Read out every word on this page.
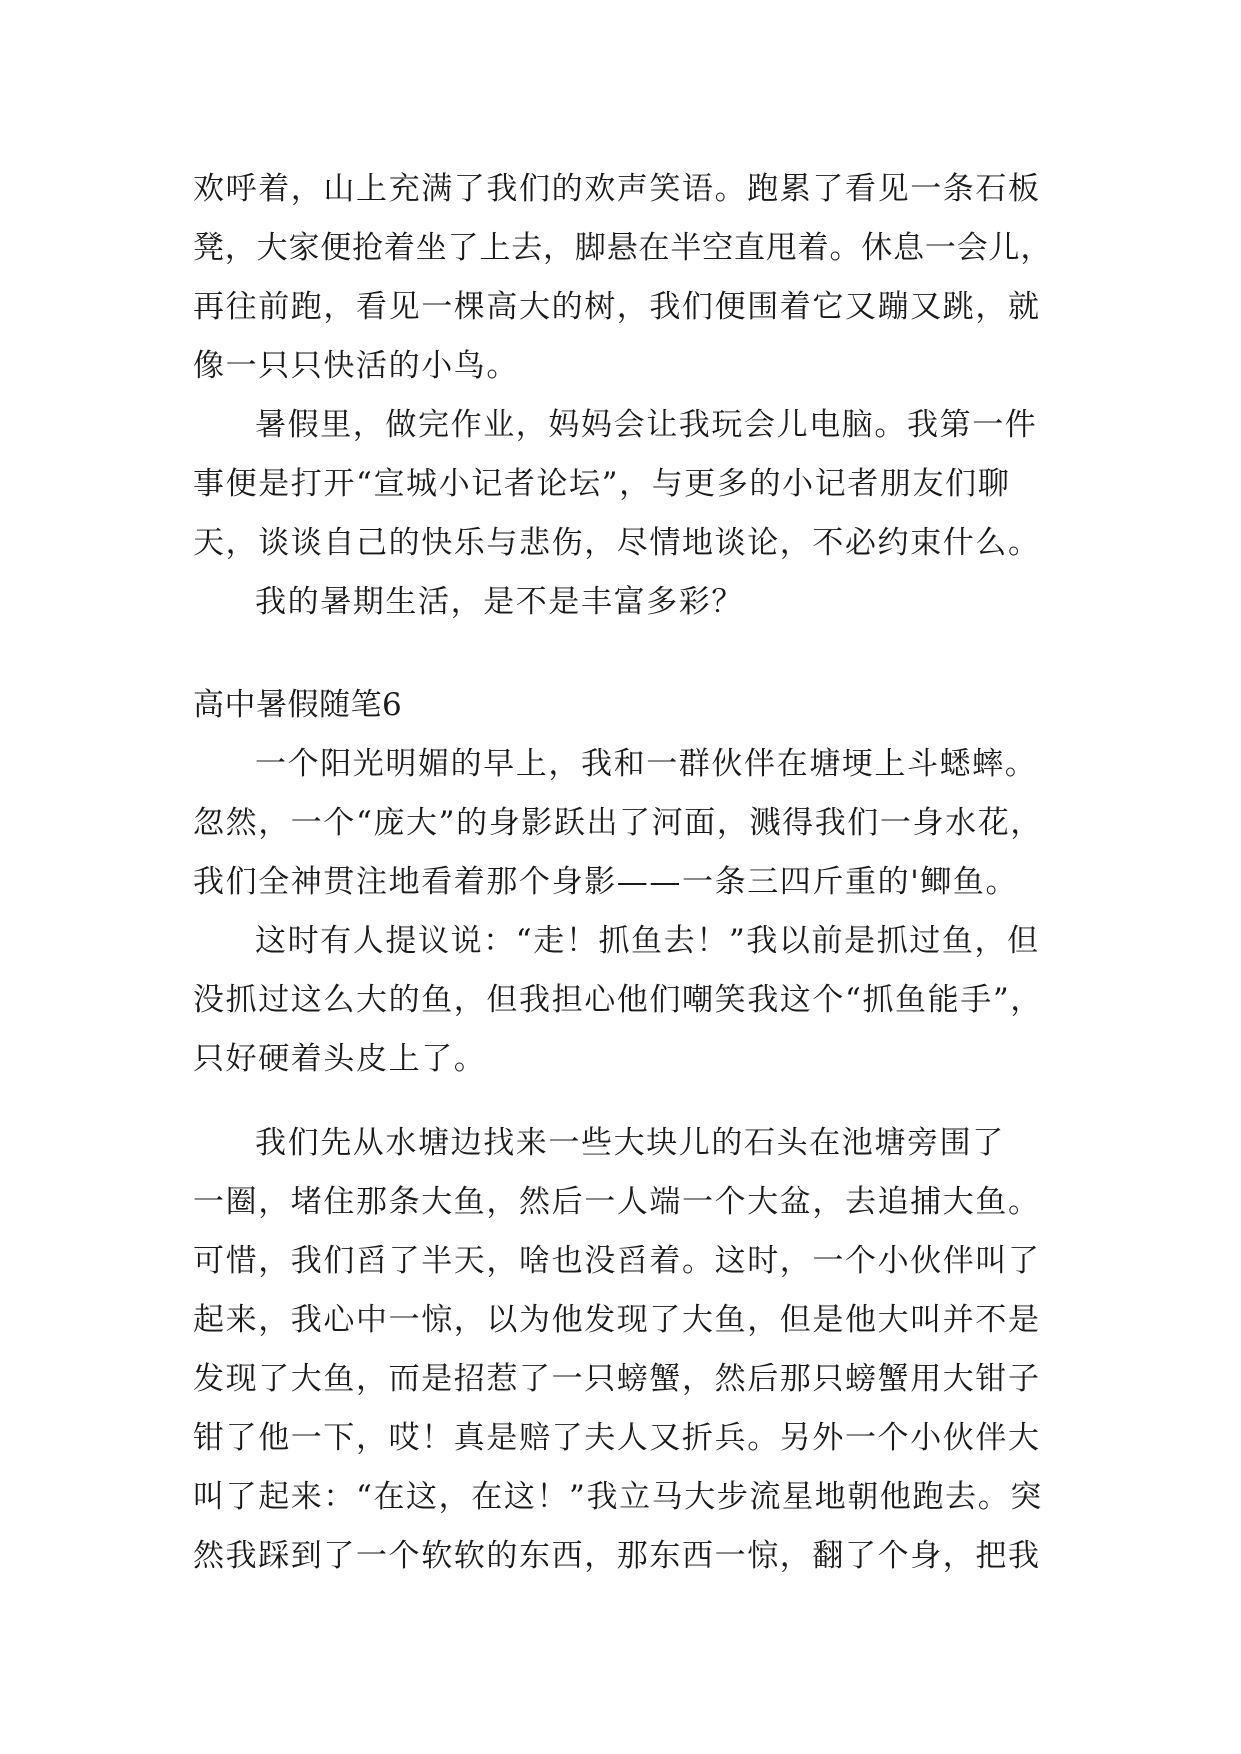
欢呼着，山上充满了我们的欢声笑语。跑累了看见一条石板
凳，大家便抢着坐了上去，脚悬在半空直甩着。休息一会儿，
再往前跑，看见一棵高大的树，我们便围着它又蹦又跳，就
像一只只快活的小鸟。
暑假里，做完作业，妈妈会让我玩会儿电脑。我第一件
事便是打开“宣城小记者论坛”，与更多的小记者朋友们聊
天，谈谈自己的快乐与悲伤，尽情地谈论，不必约束什么。
我的暑期生活，是不是丰富多彩？
高中暑假随笔6
一个阳光明媚的早上，我和一群伙伴在塘埂上斗蟋蟀。
忽然，一个“庞大”的身影跃出了河面，溅得我们一身水花，
我们全神贯注地看着那个身影——一条三四斤重的'鲫鱼。
这时有人提议说：“走！抓鱼去！”我以前是抓过鱼，但
没抓过这么大的鱼，但我担心他们嘲笑我这个“抓鱼能手”，
只好硬着头皮上了。
我们先从水塘边找来一些大块儿的石头在池塘旁围了
一圈，堵住那条大鱼，然后一人端一个大盆，去追捕大鱼。
可惜，我们舀了半天，啥也没舀着。这时，一个小伙伴叫了
起来，我心中一惊，以为他发现了大鱼，但是他大叫并不是
发现了大鱼，而是招惹了一只螃蟹，然后那只螃蟹用大钳子
钳了他一下，哎！真是赔了夫人又折兵。另外一个小伙伴大
叫了起来：“在这，在这！”我立马大步流星地朝他跑去。突
然我踩到了一个软软的东西，那东西一惊，翻了个身，把我
